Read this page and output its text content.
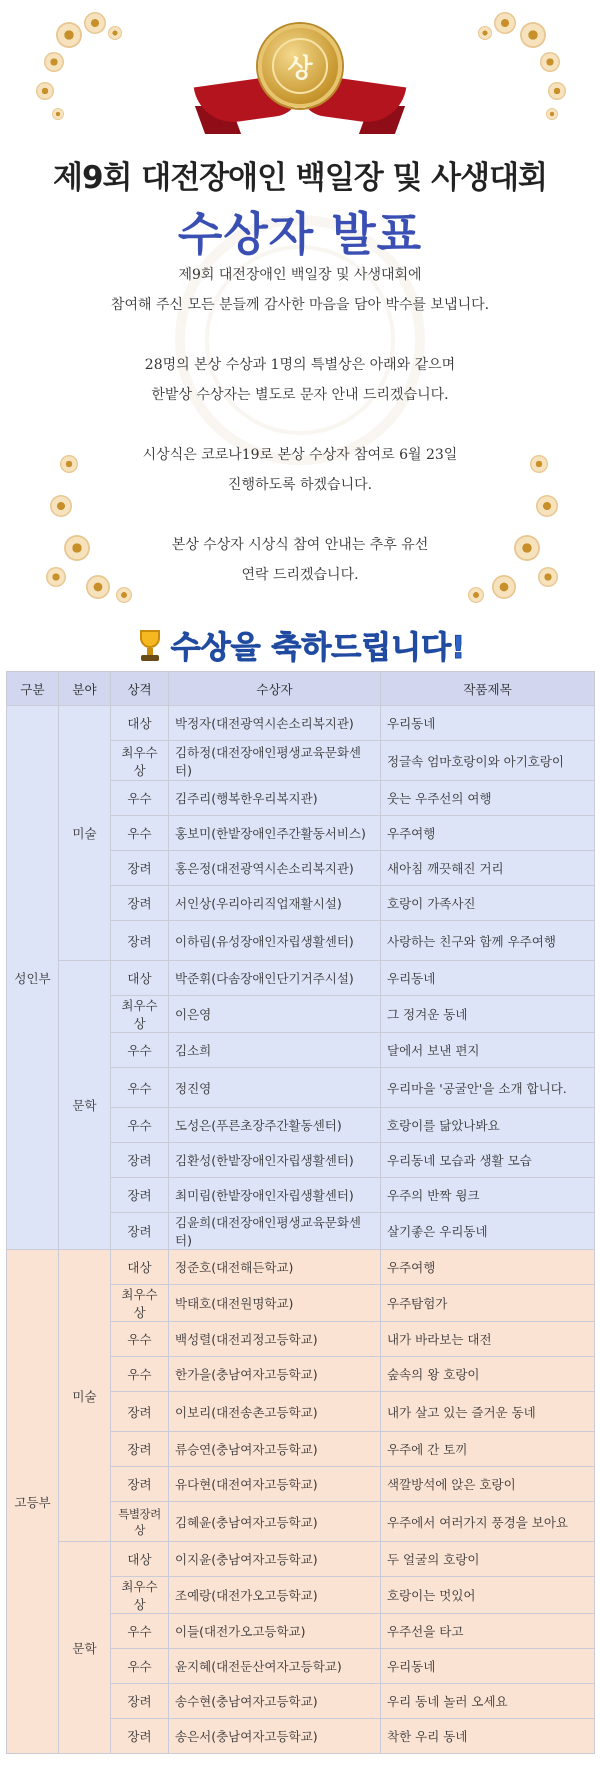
상
제9회 대전장애인 백일장 및 사생대회
수상자 발표
제9회 대전장애인 백일장 및 사생대회에
참여해 주신 모든 분들께 감사한 마음을 담아 박수를 보냅니다.
28명의 본상 수상과 1명의 특별상은 아래와 같으며
한밭상 수상자는 별도로 문자 안내 드리겠습니다.
시상식은 코로나19로 본상 수상자 참여로 6월 23일
진행하도록 하겠습니다.
본상 수상자 시상식 참여 안내는 추후 유선
연락 드리겠습니다.
수상을 축하드립니다!
구분	분야	상격	수상자	작품제목
성인부	미술	대상	박정자(대전광역시손소리복지관)	우리동네
		최우수상	김하정(대전장애인평생교육문화센터)	정글속 엄마호랑이와 아기호랑이
		우수	김주리(행복한우리복지관)	웃는 우주선의 여행
		우수	홍보미(한밭장애인주간활동서비스)	우주여행
		장려	홍은정(대전광역시손소리복지관)	새아침 깨끗해진 거리
		장려	서인상(우리아리직업재활시설)	호랑이 가족사진
		장려	이하림(유성장애인자립생활센터)	사랑하는 친구와 함께 우주여행
	문학	대상	박준휘(다솜장애인단기거주시설)	우리동네
		최우수상	이은영	그 정겨운 동네
		우수	김소희	달에서 보낸 편지
		우수	정진영	우리마을 '공굴안'을 소개 합니다.
		우수	도성은(푸른초장주간활동센터)	호랑이를 닮았나봐요
		장려	김환성(한밭장애인자립생활센터)	우리동네 모습과 생활 모습
		장려	최미림(한밭장애인자립생활센터)	우주의 반짝 윙크
		장려	김윤희(대전장애인평생교육문화센터)	살기좋은 우리동네
고등부	미술	대상	정준호(대전해든학교)	우주여행
		최우수상	박태호(대전원명학교)	우주탐험가
		우수	백성렬(대전괴정고등학교)	내가 바라보는 대전
		우수	한가을(충남여자고등학교)	숲속의 왕 호랑이
		장려	이보리(대전송촌고등학교)	내가 살고 있는 즐거운 동네
		장려	류승연(충남여자고등학교)	우주에 간 토끼
		장려	유다현(대전여자고등학교)	색깔방석에 앉은 호랑이
		특별장려상	김혜윤(충남여자고등학교)	우주에서 여러가지 풍경을 보아요
	문학	대상	이지윤(충남여자고등학교)	두 얼굴의 호랑이
		최우수상	조예랑(대전가오고등학교)	호랑이는 멋있어
		우수	이들(대전가오고등학교)	우주선을 타고
		우수	윤지혜(대전둔산여자고등학교)	우리동네
		장려	송수현(충남여자고등학교)	우리 동네 놀러 오세요
		장려	송은서(충남여자고등학교)	착한 우리 동네
